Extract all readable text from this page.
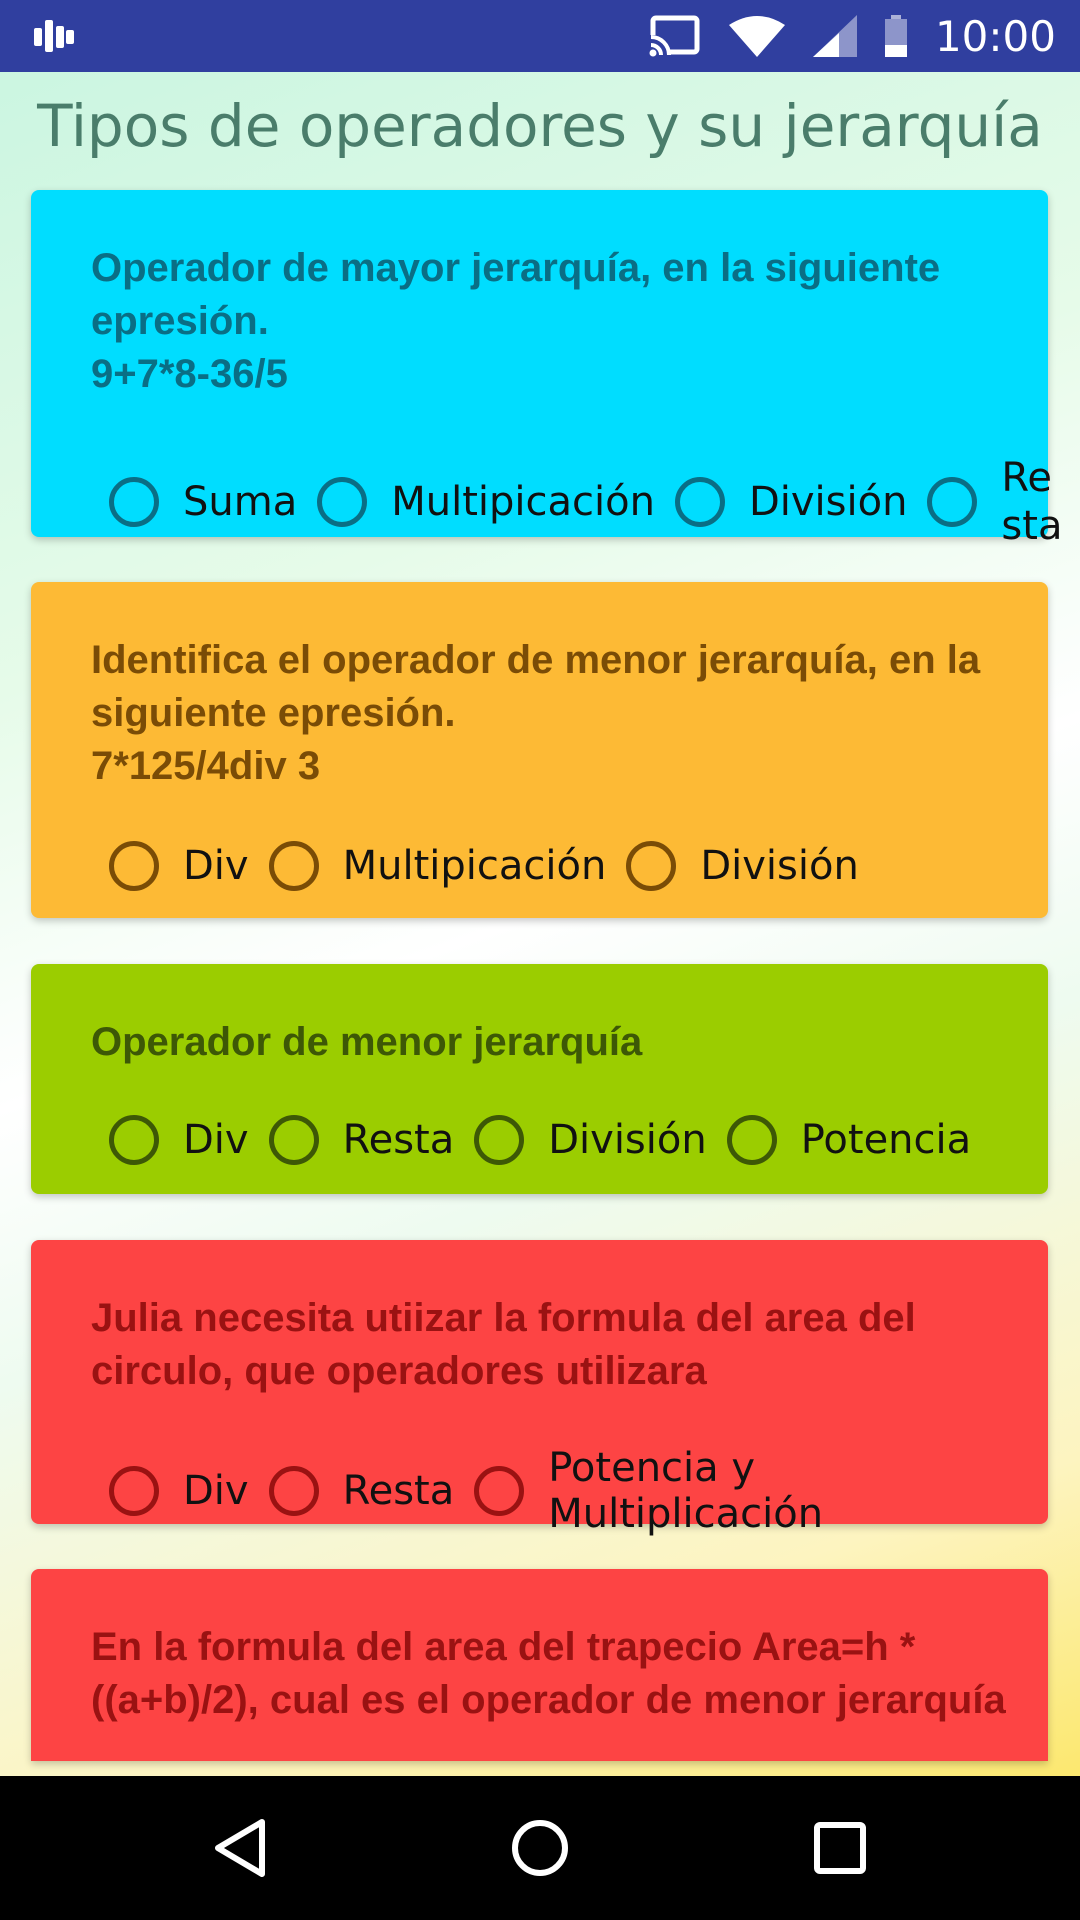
10:00
Tipos de operadores y su jerarquía
Operador de mayor jerarquía, en la siguiente epresión.
9+7*8-36/5
Suma Multipicación División
Re
sta
Identifica el operador de menor jerarquía, en la siguiente epresión.
7*125/4div 3
Div Multipicación División
Operador de menor jerarquía
Div Resta División Potencia
Julia necesita utiizar la formula del area del circulo, que operadores utilizara
Div Resta Potencia y Multiplicación
En la formula del area del trapecio Area=h *((a+b)/2), cual es el operador de menor jerarquía
